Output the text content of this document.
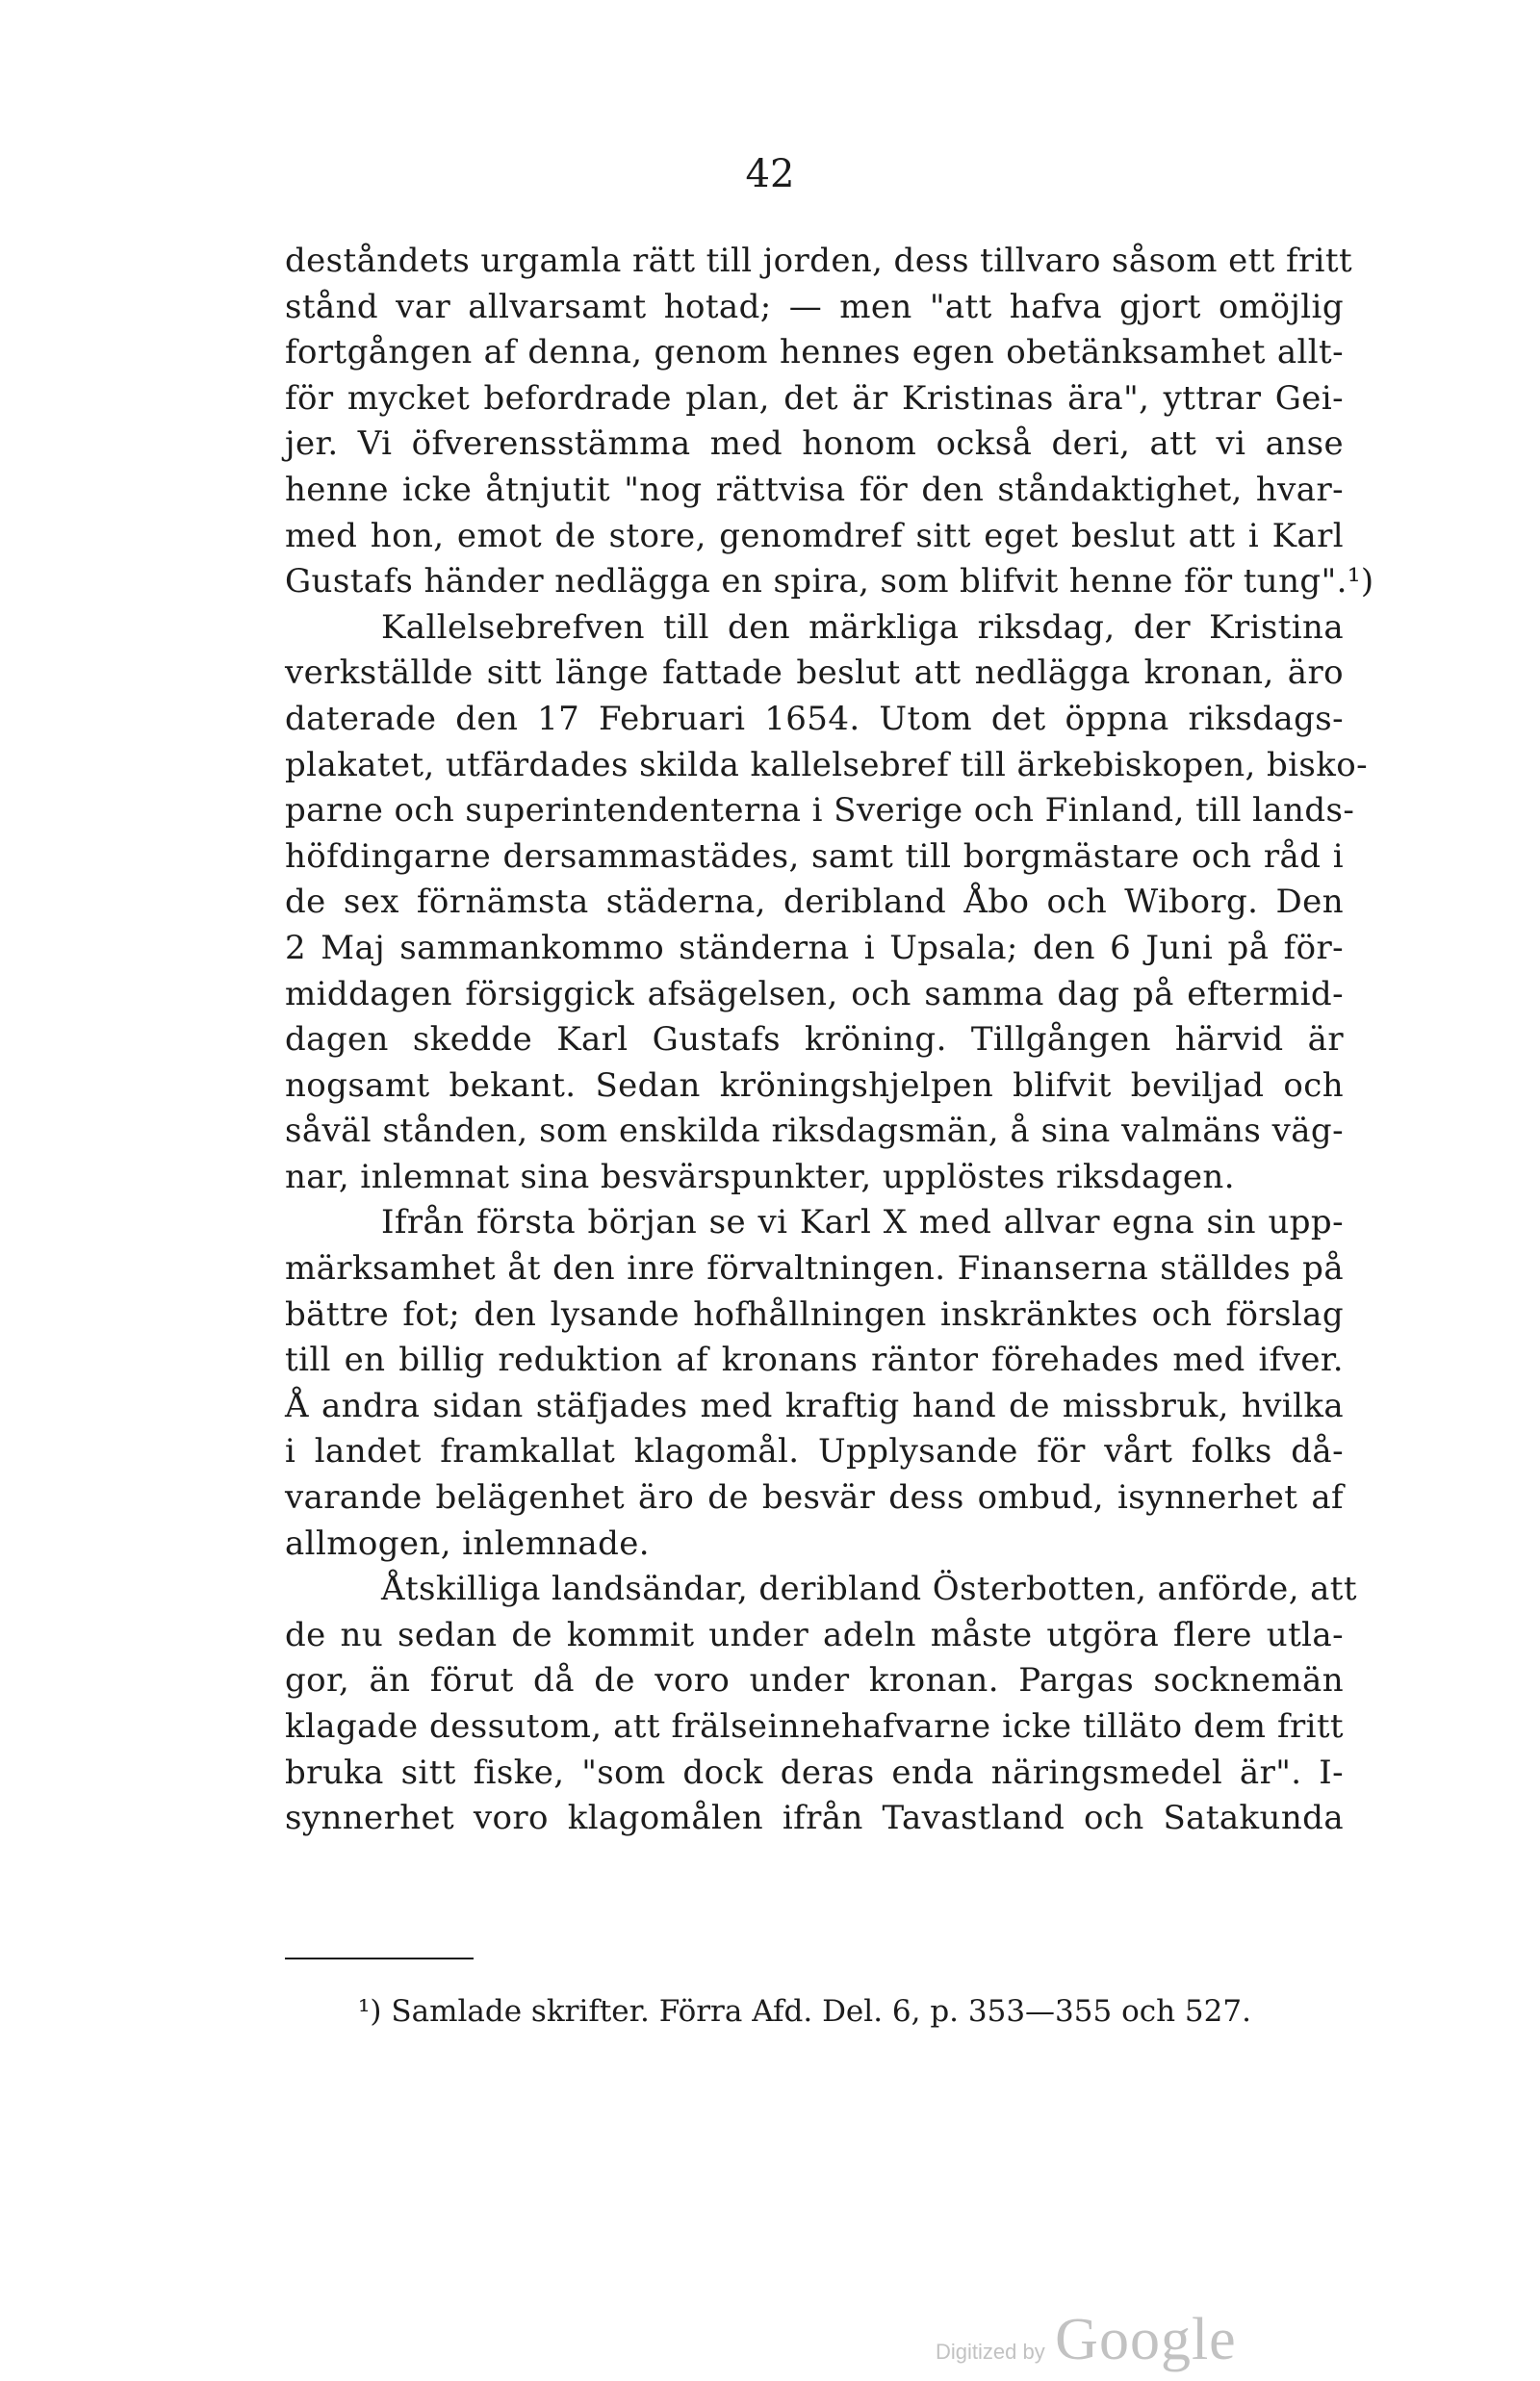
42
deståndets urgamla rätt till jorden, dess tillvaro såsom ett fritt
stånd var allvarsamt hotad; — men "att hafva gjort omöjlig
fortgången af denna, genom hennes egen obetänksamhet allt-
för mycket befordrade plan, det är Kristinas ära", yttrar Gei-
jer. Vi öfverensstämma med honom också deri, att vi anse
henne icke åtnjutit "nog rättvisa för den ståndaktighet, hvar-
med hon, emot de store, genomdref sitt eget beslut att i Karl
Gustafs händer nedlägga en spira, som blifvit henne för tung".¹)
Kallelsebrefven till den märkliga riksdag, der Kristina
verkställde sitt länge fattade beslut att nedlägga kronan, äro
daterade den 17 Februari 1654. Utom det öppna riksdags-
plakatet, utfärdades skilda kallelsebref till ärkebiskopen, bisko-
parne och superintendenterna i Sverige och Finland, till lands-
höfdingarne dersammastädes, samt till borgmästare och råd i
de sex förnämsta städerna, deribland Åbo och Wiborg. Den
2 Maj sammankommo ständerna i Upsala; den 6 Juni på för-
middagen försiggick afsägelsen, och samma dag på eftermid-
dagen skedde Karl Gustafs kröning. Tillgången härvid är
nogsamt bekant. Sedan kröningshjelpen blifvit beviljad och
såväl stånden, som enskilda riksdagsmän, å sina valmäns väg-
nar, inlemnat sina besvärspunkter, upplöstes riksdagen.
Ifrån första början se vi Karl X med allvar egna sin upp-
märksamhet åt den inre förvaltningen. Finanserna ställdes på
bättre fot; den lysande hofhållningen inskränktes och förslag
till en billig reduktion af kronans räntor förehades med ifver.
Å andra sidan stäfjades med kraftig hand de missbruk, hvilka
i landet framkallat klagomål. Upplysande för vårt folks då-
varande belägenhet äro de besvär dess ombud, isynnerhet af
allmogen, inlemnade.
Åtskilliga landsändar, deribland Österbotten, anförde, att
de nu sedan de kommit under adeln måste utgöra flere utla-
gor, än förut då de voro under kronan. Pargas socknemän
klagade dessutom, att frälseinnehafvarne icke tilläto dem fritt
bruka sitt fiske, "som dock deras enda näringsmedel är". I-
synnerhet voro klagomålen ifrån Tavastland och Satakunda
¹) Samlade skrifter. Förra Afd. Del. 6, p. 353—355 och 527.
Digitized by Google
